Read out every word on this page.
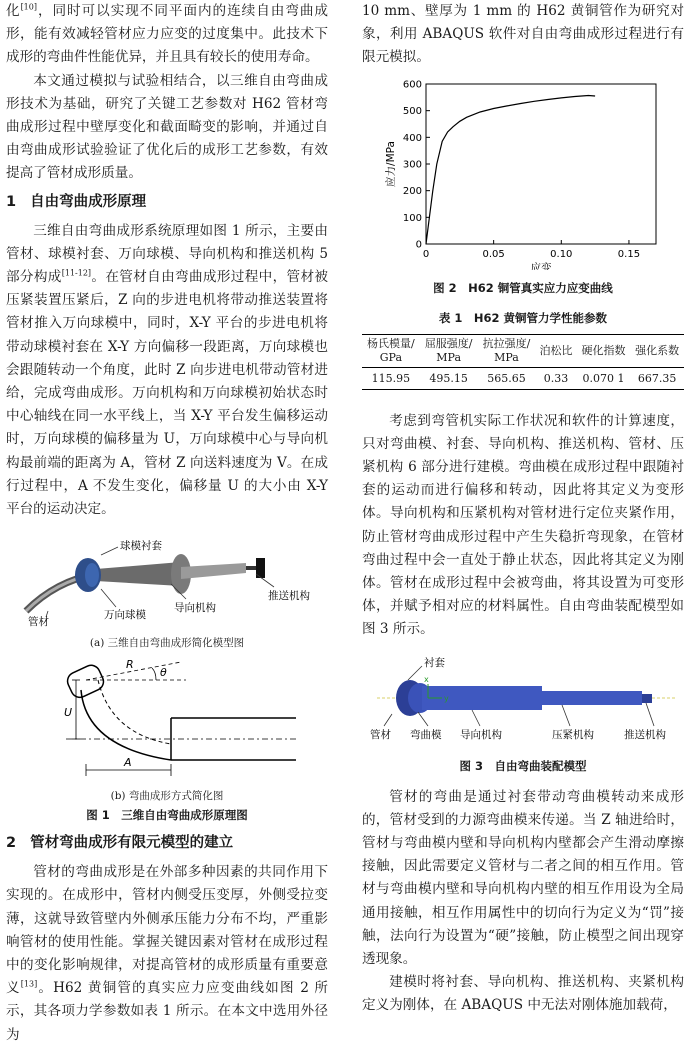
化[10]，同时可以实现不同平面内的连续自由弯曲成形，能有效减轻管材应力应变的过度集中。此技术下成形的弯曲件性能优异，并且具有较长的使用寿命。

本文通过模拟与试验相结合，以三维自由弯曲成形技术为基础，研究了关键工艺参数对 H62 管材弯曲成形过程中壁厚变化和截面畸变的影响，并通过自由弯曲成形试验验证了优化后的成形工艺参数，有效提高了管材成形质量。

1 自由弯曲成形原理

三维自由弯曲成形系统原理如图 1 所示，主要由管材、球模衬套、万向球模、导向机构和推送机构 5 部分构成[11-12]。在管材自由弯曲成形过程中，管材被压紧装置压紧后，Z 向的步进电机将带动推送装置将管材推入万向球模中，同时，X-Y 平台的步进电机将带动球模衬套在 X-Y 方向偏移一段距离，万向球模也会跟随转动一个角度，此时 Z 向步进电机带动管材进给，完成弯曲成形。万向机构和万向球模初始状态时中心轴线在同一水平线上，当 X-Y 平台发生偏移运动时，万向球模的偏移量为 U，万向球模中心与导向机构最前端的距离为 A，管材 Z 向送料速度为 V。在成行过程中，A 不发生变化，偏移量 U 的大小由 X-Y 平台的运动决定。

球模衬套
推送机构
管材
导向机构
万向球模
(a) 三维自由弯曲成形简化模型图
R
θ
U
A
(b) 弯曲成形方式简化图
图 1　三维自由弯曲成形原理图
2 管材弯曲成形有限元模型的建立

管材的弯曲成形是在外部多种因素的共同作用下实现的。在成形中，管材内侧受压变厚，外侧受拉变薄，这就导致管壁内外侧承压能力分布不均，严重影响管材的使用性能。掌握关键因素对管材在成形过程中的变化影响规律，对提高管材的成形质量有重要意义[13]。H62 黄铜管的真实应力应变曲线如图 2 所示，其各项力学参数如表 1 所示。在本文中选用外径为

10 mm、壁厚为 1 mm 的 H62 黄铜管作为研究对象，利用 ABAQUS 软件对自由弯曲成形过程进行有限元模拟。

0
100
200
300
400
500
600
0	0.05	0.10	0.15
应变
应力/MPa
图 2　H62 铜管真实应力应变曲线
表 1　H62 黄铜管力学性能参数
杨氏模量/
GPa	屈服强度/
MPa	抗拉强度/
MPa	泊松比	硬化指数	强化系数
115.95	495.15	565.65	0.33	0.070 1	667.35

考虑到弯管机实际工作状况和软件的计算速度，只对弯曲模、衬套、导向机构、推送机构、管材、压紧机构 6 部分进行建模。弯曲模在成形过程中跟随衬套的运动而进行偏移和转动，因此将其定义为变形体。导向机构和压紧机构对管材进行定位夹紧作用，防止管材弯曲成形过程中产生失稳折弯现象，在管材弯曲过程中会一直处于静止状态，因此将其定义为刚体。管材在成形过程中会被弯曲，将其设置为可变形体，并赋予相对应的材料属性。自由弯曲装配模型如图 3 所示。

x
y
衬套
管材 弯曲模 导向机构	压紧机构	推送机构
图 3　自由弯曲装配模型

管材的弯曲是通过衬套带动弯曲模转动来成形的，管材受到的力源弯曲模来传递。当 Z 轴进给时，管材与弯曲模内壁和导向机构内壁都会产生滑动摩擦接触，因此需要定义管材与二者之间的相互作用。管材与弯曲模内壁和导向机构内壁的相互作用设为全局通用接触，相互作用属性中的切向行为定义为“罚”接触，法向行为设置为“硬”接触，防止模型之间出现穿透现象。

建模时将衬套、导向机构、推送机构、夹紧机构定义为刚体，在 ABAQUS 中无法对刚体施加载荷，
